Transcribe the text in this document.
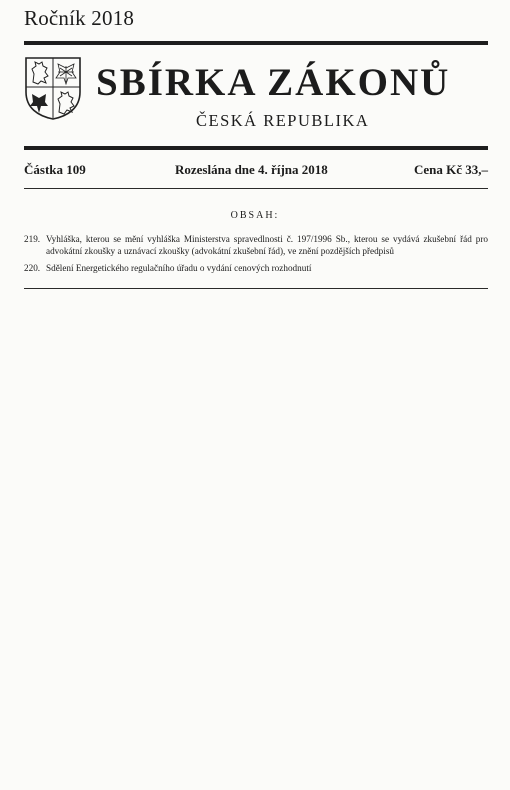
Ročník 2018
SBÍRKA ZÁKONŮ
ČESKÁ REPUBLIKA
Částka 109	Rozeslána dne 4. října 2018	Cena Kč 33,–
OBSAH:
219. Vyhláška, kterou se mění vyhláška Ministerstva spravedlnosti č. 197/1996 Sb., kterou se vydává zkušební řád pro advokátní zkoušky a uznávací zkoušky (advokátní zkušební řád), ve znění pozdějších předpisů
220. Sdělení Energetického regulačního úřadu o vydání cenových rozhodnutí
